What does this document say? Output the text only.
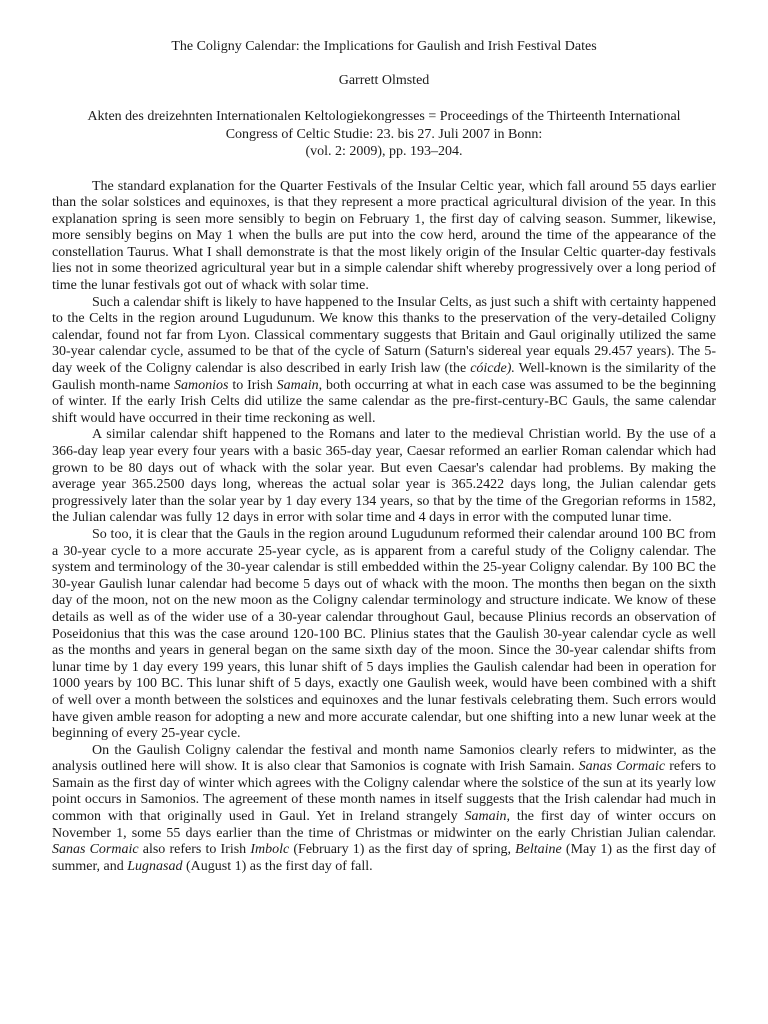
The Coligny Calendar: the Implications for Gaulish and Irish Festival Dates
Garrett Olmsted
Akten des dreizehnten Internationalen Keltologiekongresses = Proceedings of the Thirteenth International
Congress of Celtic Studie: 23. bis 27. Juli 2007 in Bonn:
(vol. 2: 2009), pp. 193–204.

The standard explanation for the Quarter Festivals of the Insular Celtic year, which fall around 55 days earlier than the solar solstices and equinoxes, is that they represent a more practical agricultural division of the year. In this explanation spring is seen more sensibly to begin on February 1, the first day of calving season. Summer, likewise, more sensibly begins on May 1 when the bulls are put into the cow herd, around the time of the appearance of the constellation Taurus. What I shall demonstrate is that the most likely origin of the Insular Celtic quarter-day festivals lies not in some theorized agricultural year but in a simple calendar shift whereby progressively over a long period of time the lunar festivals got out of whack with solar time.

Such a calendar shift is likely to have happened to the Insular Celts, as just such a shift with certainty happened to the Celts in the region around Lugudunum. We know this thanks to the preservation of the very-detailed Coligny calendar, found not far from Lyon. Classical commentary suggests that Britain and Gaul originally utilized the same 30-year calendar cycle, assumed to be that of the cycle of Saturn (Saturn's sidereal year equals 29.457 years). The 5-day week of the Coligny calendar is also described in early Irish law (the cóicde). Well-known is the similarity of the Gaulish month-name Samonios to Irish Samain, both occurring at what in each case was assumed to be the beginning of winter. If the early Irish Celts did utilize the same calendar as the pre-first-century-BC Gauls, the same calendar shift would have occurred in their time reckoning as well.

A similar calendar shift happened to the Romans and later to the medieval Christian world. By the use of a 366-day leap year every four years with a basic 365-day year, Caesar reformed an earlier Roman calendar which had grown to be 80 days out of whack with the solar year. But even Caesar's calendar had problems. By making the average year 365.2500 days long, whereas the actual solar year is 365.2422 days long, the Julian calendar gets progressively later than the solar year by 1 day every 134 years, so that by the time of the Gregorian reforms in 1582, the Julian calendar was fully 12 days in error with solar time and 4 days in error with the computed lunar time.

So too, it is clear that the Gauls in the region around Lugudunum reformed their calendar around 100 BC from a 30-year cycle to a more accurate 25-year cycle, as is apparent from a careful study of the Coligny calendar. The system and terminology of the 30-year calendar is still embedded within the 25-year Coligny calendar. By 100 BC the 30-year Gaulish lunar calendar had become 5 days out of whack with the moon. The months then began on the sixth day of the moon, not on the new moon as the Coligny calendar terminology and structure indicate. We know of these details as well as of the wider use of a 30-year calendar throughout Gaul, because Plinius records an observation of Poseidonius that this was the case around 120-100 BC. Plinius states that the Gaulish 30-year calendar cycle as well as the months and years in general began on the same sixth day of the moon. Since the 30-year calendar shifts from lunar time by 1 day every 199 years, this lunar shift of 5 days implies the Gaulish calendar had been in operation for 1000 years by 100 BC. This lunar shift of 5 days, exactly one Gaulish week, would have been combined with a shift of well over a month between the solstices and equinoxes and the lunar festivals celebrating them. Such errors would have given amble reason for adopting a new and more accurate calendar, but one shifting into a new lunar week at the beginning of every 25-year cycle.

On the Gaulish Coligny calendar the festival and month name Samonios clearly refers to midwinter, as the analysis outlined here will show. It is also clear that Samonios is cognate with Irish Samain. Sanas Cormaic refers to Samain as the first day of winter which agrees with the Coligny calendar where the solstice of the sun at its yearly low point occurs in Samonios. The agreement of these month names in itself suggests that the Irish calendar had much in common with that originally used in Gaul. Yet in Ireland strangely Samain, the first day of winter occurs on November 1, some 55 days earlier than the time of Christmas or midwinter on the early Christian Julian calendar. Sanas Cormaic also refers to Irish Imbolc (February 1) as the first day of spring, Beltaine (May 1) as the first day of summer, and Lugnasad (August 1) as the first day of fall.
